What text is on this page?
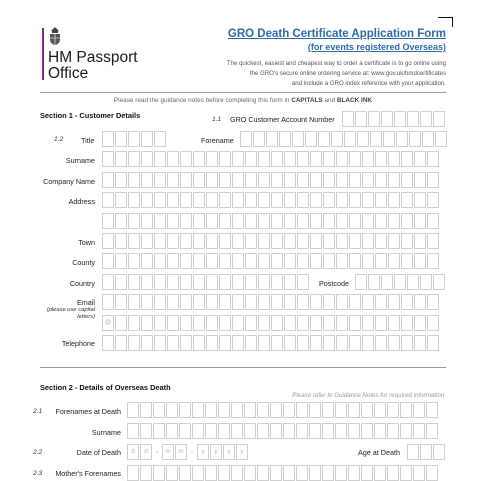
HM Passport
Office
GRO Death Certificate Application Form
(for events registered Overseas)
The quickest, easiest and cheapest way to order a certificate is to go online using
the GRO's secure online ordering service at: www.gov.uk/bmdcertificates
and include a GRO index reference with your application.
Please read the guidance notes before completing this form in CAPITALS and BLACK INK
Section 1 - Customer Details	1.1 GRO Customer Account Number
1.2 Title	Forename
Surname
Company Name
Address
Town
County
Country	Postcode
Email
(please use capital letters)
@
Telephone
Section 2 - Details of Overseas Death
Please refer to Guidance Notes for required information.
2.1 Forenames at Death
Surname
2.2	Date of Death	d	d -	m	m -	y	y	y	y	Age at Death
2.3 Mother's Forenames
